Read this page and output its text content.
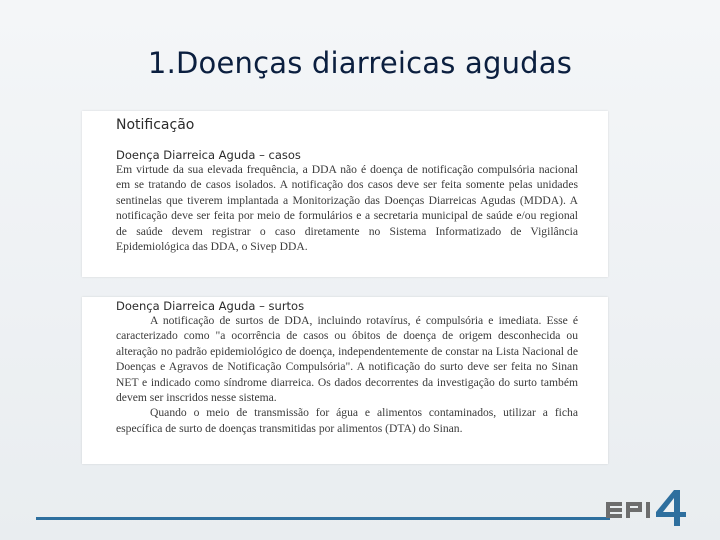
1.Doenças diarreicas agudas
Notificação
Doença Diarreica Aguda – casos

Em virtude da sua elevada frequência, a DDA não é doença de notificação compulsória nacional em se tratando de casos isolados. A notificação dos casos deve ser feita somente pelas unidades sentinelas que tiverem implantada a Monitorização das Doenças Diarreicas Agudas (MDDA). A notificação deve ser feita por meio de formulários e a secretaria municipal de saúde e/ou regional de saúde devem registrar o caso diretamente no Sistema Informatizado de Vigilância Epidemiológica das DDA, o Sivep DDA.

Doença Diarreica Aguda – surtos

A notificação de surtos de DDA, incluindo rotavírus, é compulsória e imediata. Esse é caracterizado como "a ocorrência de casos ou óbitos de doença de origem desconhecida ou alteração no padrão epidemiológico de doença, independentemente de constar na Lista Nacional de Doenças e Agravos de Notificação Compulsória". A notificação do surto deve ser feita no Sinan NET e indicado como síndrome diarreica. Os dados decorrentes da investigação do surto também devem ser inscridos nesse sistema.

Quando o meio de transmissão for água e alimentos contaminados, utilizar a ficha específica de surto de doenças transmitidas por alimentos (DTA) do Sinan.
